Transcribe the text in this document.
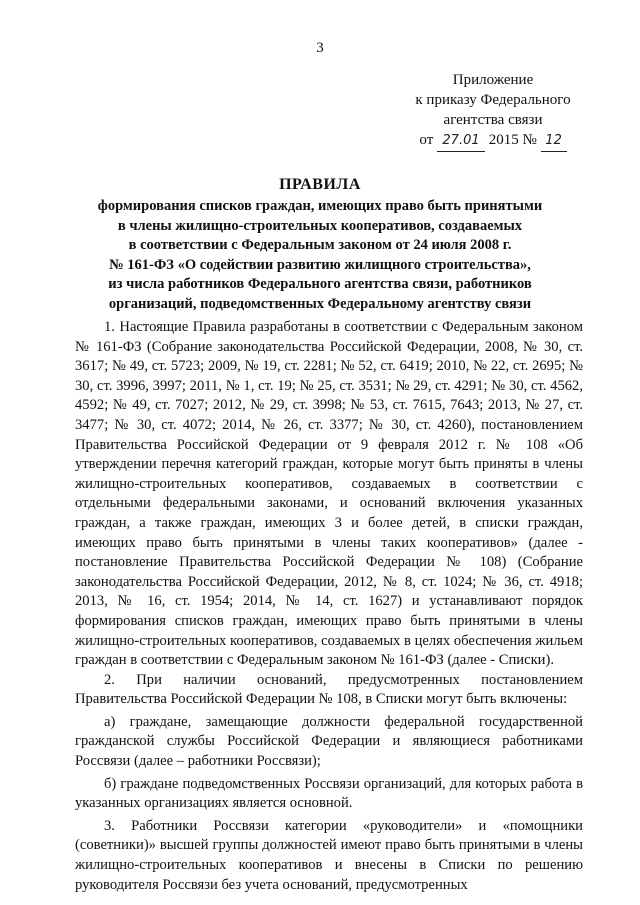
3
Приложение
к приказу Федерального
агентства связи
от 27.01 2015 № 12
ПРАВИЛА
формирования списков граждан, имеющих право быть принятыми
в члены жилищно-строительных кооперативов, создаваемых
в соответствии с Федеральным законом от 24 июля 2008 г.
№ 161-ФЗ «О содействии развитию жилищного строительства»,
из числа работников Федерального агентства связи, работников
организаций, подведомственных Федеральному агентству связи

1. Настоящие Правила разработаны в соответствии с Федеральным законом № 161-ФЗ (Собрание законодательства Российской Федерации, 2008, № 30, ст. 3617; № 49, ст. 5723; 2009, № 19, ст. 2281; № 52, ст. 6419; 2010, № 22, ст. 2695; № 30, ст. 3996, 3997; 2011, № 1, ст. 19; № 25, ст. 3531; № 29, ст. 4291; № 30, ст. 4562, 4592; № 49, ст. 7027; 2012, № 29, ст. 3998; № 53, ст. 7615, 7643; 2013, № 27, ст. 3477; № 30, ст. 4072; 2014, № 26, ст. 3377; № 30, ст. 4260), постановлением Правительства Российской Федерации от 9 февраля 2012 г. № 108 «Об утверждении перечня категорий граждан, которые могут быть приняты в члены жилищно-строительных кооперативов, создаваемых в соответствии с отдельными федеральными законами, и оснований включения указанных граждан, а также граждан, имеющих 3 и более детей, в списки граждан, имеющих право быть принятыми в члены таких кооперативов» (далее - постановление Правительства Российской Федерации № 108) (Собрание законодательства Российской Федерации, 2012, № 8, ст. 1024; № 36, ст. 4918; 2013, № 16, ст. 1954; 2014, № 14, ст. 1627) и устанавливают порядок формирования списков граждан, имеющих право быть принятыми в члены жилищно-строительных кооперативов, создаваемых в целях обеспечения жильем граждан в соответствии с Федеральным законом № 161-ФЗ (далее - Списки).

2. При наличии оснований, предусмотренных постановлением Правительства Российской Федерации № 108, в Списки могут быть включены:

а) граждане, замещающие должности федеральной государственной гражданской службы Российской Федерации и являющиеся работниками Россвязи (далее – работники Россвязи);

б) граждане подведомственных Россвязи организаций, для которых работа в указанных организациях является основной.

3. Работники Россвязи категории «руководители» и «помощники (советники)» высшей группы должностей имеют право быть принятыми в члены жилищно-строительных кооперативов и внесены в Списки по решению руководителя Россвязи без учета оснований, предусмотренных
